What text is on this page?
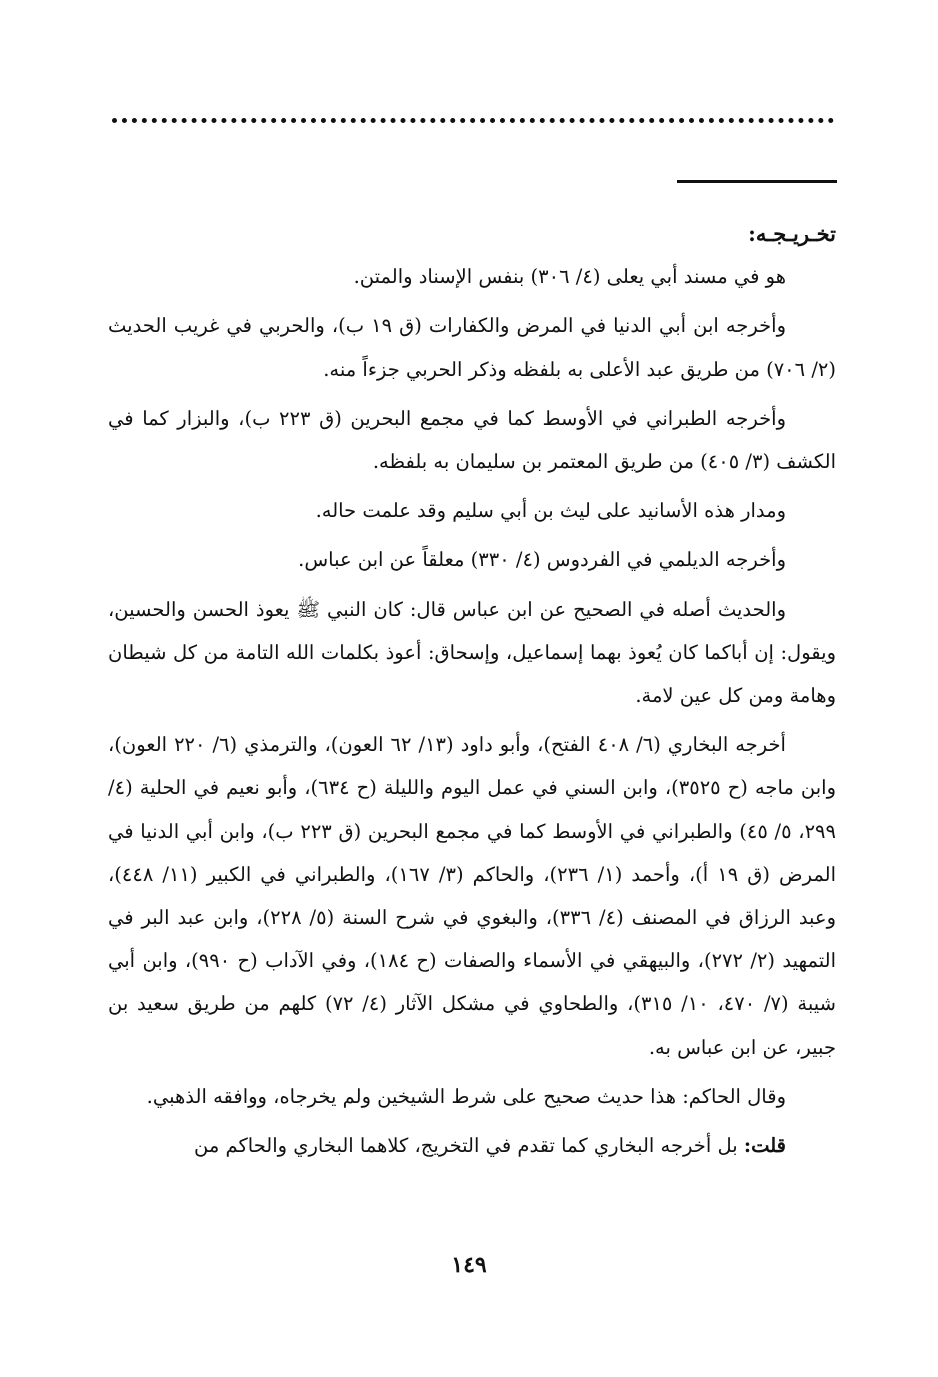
تخـريـجـه:

هو في مسند أبي يعلى (٤/ ٣٠٦) بنفس الإسناد والمتن.

وأخرجه ابن أبي الدنيا في المرض والكفارات (ق ١٩ ب)، والحربي في غريب الحديث (٢/ ٧٠٦) من طريق عبد الأعلى به بلفظه وذكر الحربي جزءاً منه.

وأخرجه الطبراني في الأوسط كما في مجمع البحرين (ق ٢٢٣ ب)، والبزار كما في الكشف (٣/ ٤٠٥) من طريق المعتمر بن سليمان به بلفظه.

ومدار هذه الأسانيد على ليث بن أبي سليم وقد علمت حاله.

وأخرجه الديلمي في الفردوس (٤/ ٣٣٠) معلقاً عن ابن عباس.

والحديث أصله في الصحيح عن ابن عباس قال: كان النبي ﷺ يعوذ الحسن والحسين، ويقول: إن أباكما كان يُعوذ بهما إسماعيل، وإسحاق: أعوذ بكلمات الله التامة من كل شيطان وهامة ومن كل عين لامة.

أخرجه البخاري (٦/ ٤٠٨ الفتح)، وأبو داود (١٣/ ٦٢ العون)، والترمذي (٦/ ٢٢٠ العون)، وابن ماجه (ح ٣٥٢٥)، وابن السني في عمل اليوم والليلة (ح ٦٣٤)، وأبو نعيم في الحلية (٤/ ٢٩٩، ٥/ ٤٥) والطبراني في الأوسط كما في مجمع البحرين (ق ٢٢٣ ب)، وابن أبي الدنيا في المرض (ق ١٩ أ)، وأحمد (١/ ٢٣٦)، والحاكم (٣/ ١٦٧)، والطبراني في الكبير (١١/ ٤٤٨)، وعبد الرزاق في المصنف (٤/ ٣٣٦)، والبغوي في شرح السنة (٥/ ٢٢٨)، وابن عبد البر في التمهيد (٢/ ٢٧٢)، والبيهقي في الأسماء والصفات (ح ١٨٤)، وفي الآداب (ح ٩٩٠)، وابن أبي شيبة (٧/ ٤٧٠، ١٠/ ٣١٥)، والطحاوي في مشكل الآثار (٤/ ٧٢) كلهم من طريق سعيد بن جبير، عن ابن عباس به.

وقال الحاكم: هذا حديث صحيح على شرط الشيخين ولم يخرجاه، ووافقه الذهبي.

قلت: بل أخرجه البخاري كما تقدم في التخريج، كلاهما البخاري والحاكم من

١٤٩
